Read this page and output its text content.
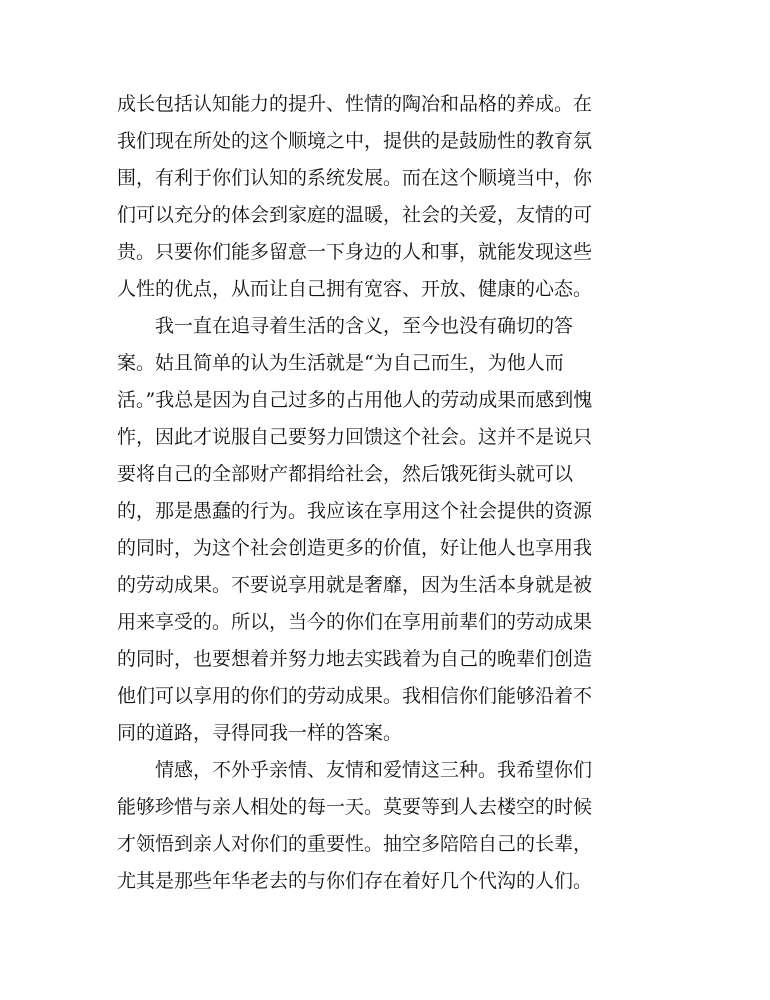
成长包括认知能力的提升、性情的陶冶和品格的养成。在
我们现在所处的这个顺境之中，提供的是鼓励性的教育氛
围，有利于你们认知的系统发展。而在这个顺境当中，你
们可以充分的体会到家庭的温暖，社会的关爱，友情的可
贵。只要你们能多留意一下身边的人和事，就能发现这些
人性的优点，从而让自己拥有宽容、开放、健康的心态。
　　我一直在追寻着生活的含义，至今也没有确切的答
案。姑且简单的认为生活就是“为自己而生，为他人而
活。”我总是因为自己过多的占用他人的劳动成果而感到愧
怍，因此才说服自己要努力回馈这个社会。这并不是说只
要将自己的全部财产都捐给社会，然后饿死街头就可以
的，那是愚蠢的行为。我应该在享用这个社会提供的资源
的同时，为这个社会创造更多的价值，好让他人也享用我
的劳动成果。不要说享用就是奢靡，因为生活本身就是被
用来享受的。所以，当今的你们在享用前辈们的劳动成果
的同时，也要想着并努力地去实践着为自己的晚辈们创造
他们可以享用的你们的劳动成果。我相信你们能够沿着不
同的道路，寻得同我一样的答案。
　　情感，不外乎亲情、友情和爱情这三种。我希望你们
能够珍惜与亲人相处的每一天。莫要等到人去楼空的时候
才领悟到亲人对你们的重要性。抽空多陪陪自己的长辈，
尤其是那些年华老去的与你们存在着好几个代沟的人们。
